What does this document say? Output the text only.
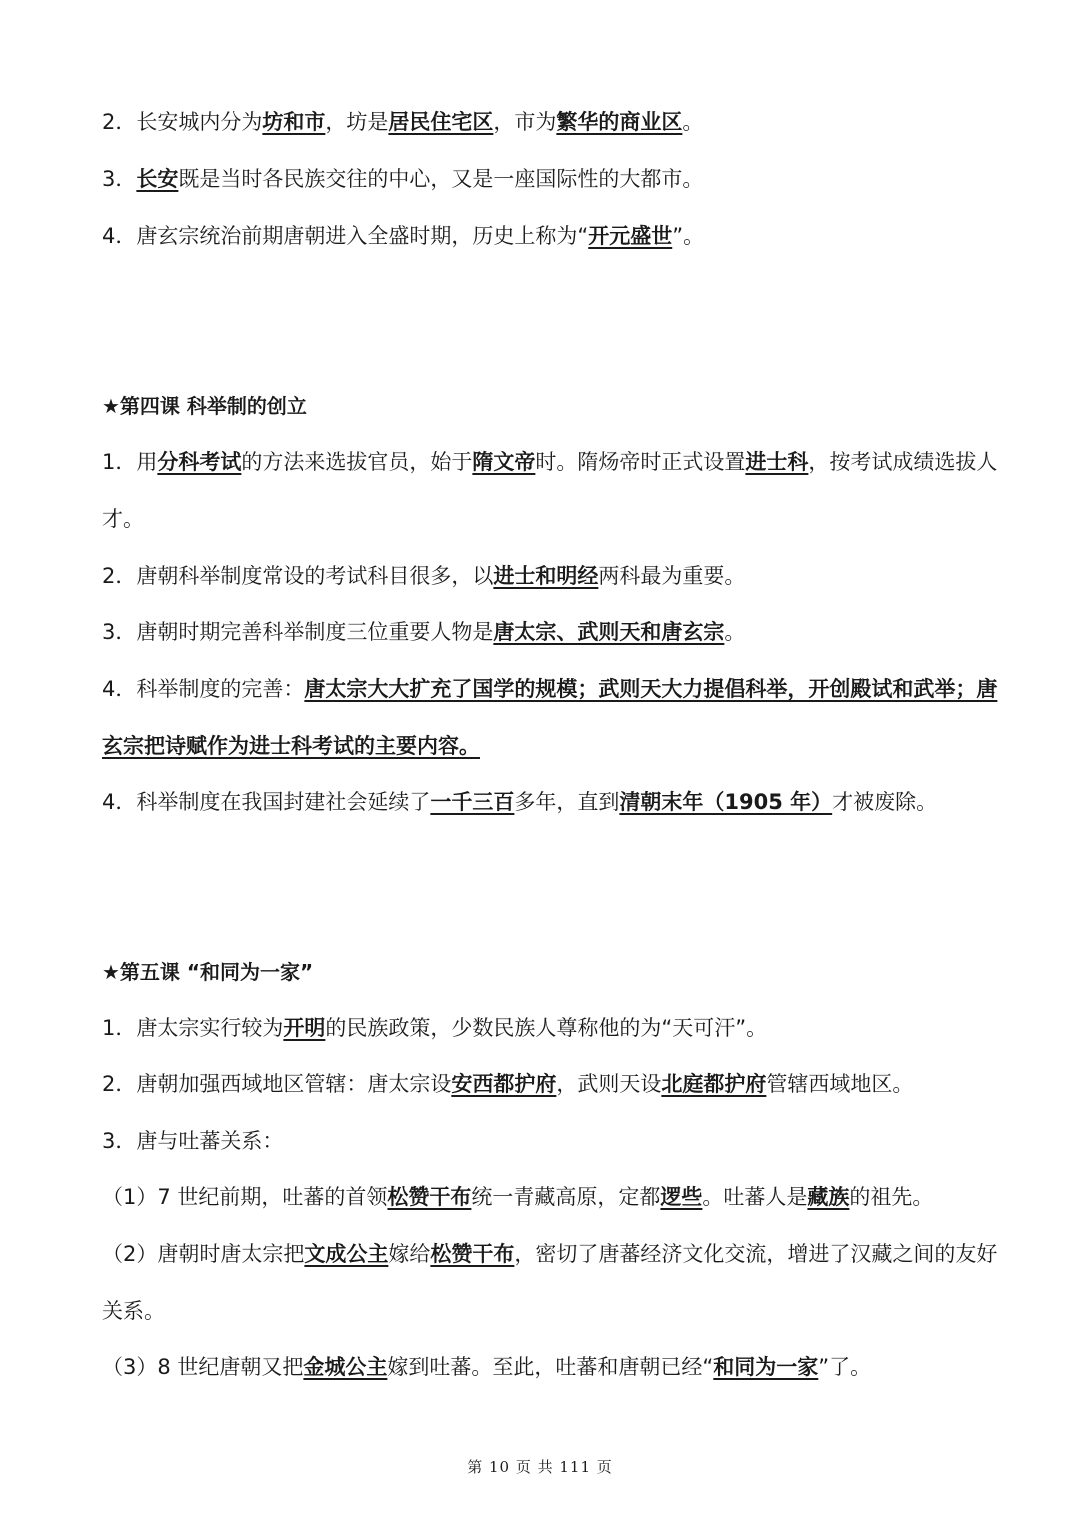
2．长安城内分为坊和市，坊是居民住宅区，市为繁华的商业区。
3．长安既是当时各民族交往的中心，又是一座国际性的大都市。
4．唐玄宗统治前期唐朝进入全盛时期，历史上称为“开元盛世”。
★第四课 科举制的创立
1．用分科考试的方法来选拔官员，始于隋文帝时。隋炀帝时正式设置进士科，按考试成绩选拔人
才。
2．唐朝科举制度常设的考试科目很多，以进士和明经两科最为重要。
3．唐朝时期完善科举制度三位重要人物是唐太宗、武则天和唐玄宗。
4．科举制度的完善：唐太宗大大扩充了国学的规模；武则天大力提倡科举，开创殿试和武举；唐
玄宗把诗赋作为进士科考试的主要内容。
4．科举制度在我国封建社会延续了一千三百多年，直到清朝末年（1905 年）才被废除。
★第五课 “和同为一家”
1．唐太宗实行较为开明的民族政策，少数民族人尊称他的为“天可汗”。
2．唐朝加强西域地区管辖：唐太宗设安西都护府，武则天设北庭都护府管辖西域地区。
3．唐与吐蕃关系：
（1）7 世纪前期，吐蕃的首领松赞干布统一青藏高原，定都逻些。吐蕃人是藏族的祖先。
（2）唐朝时唐太宗把文成公主嫁给松赞干布，密切了唐蕃经济文化交流，增进了汉藏之间的友好
关系。
（3）8 世纪唐朝又把金城公主嫁到吐蕃。至此，吐蕃和唐朝已经“和同为一家”了。
第 10 页 共 111 页
